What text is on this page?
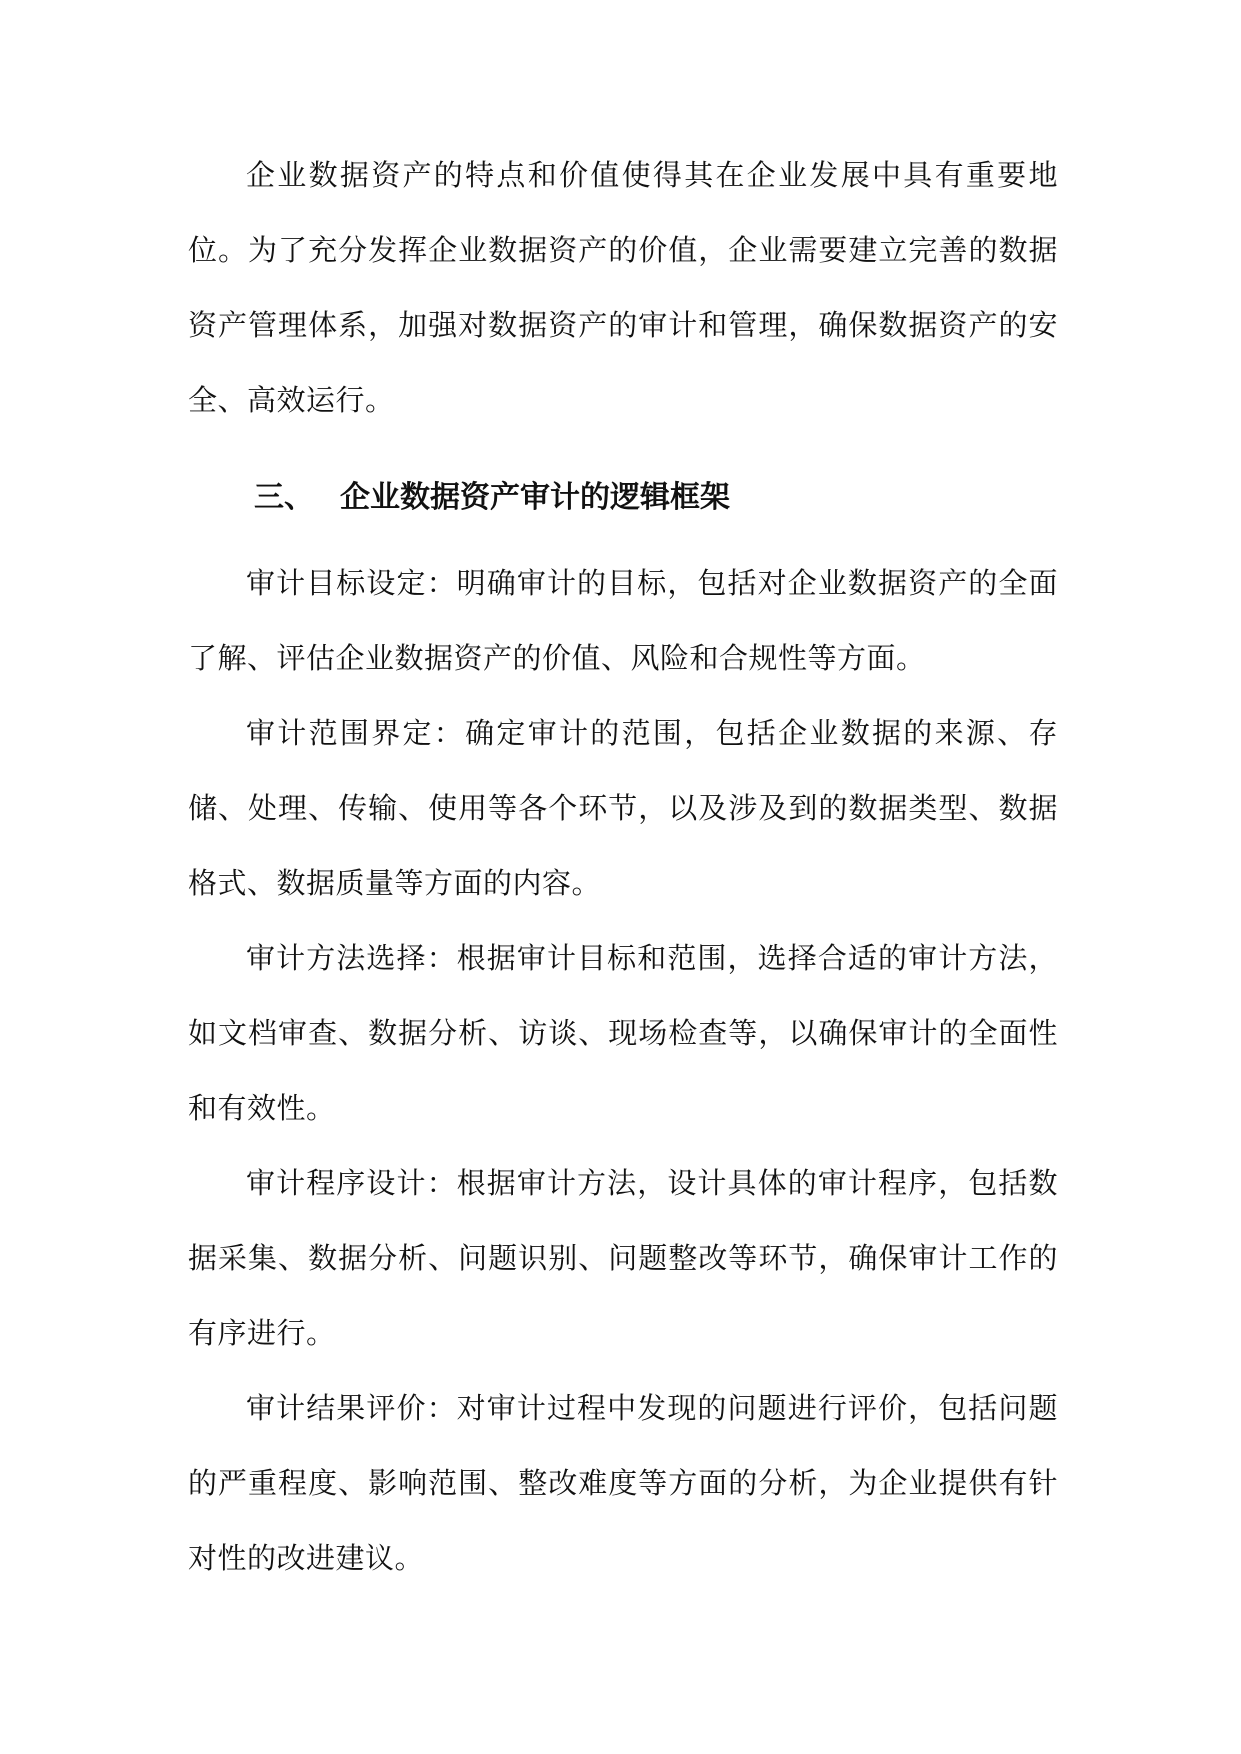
企业数据资产的特点和价值使得其在企业发展中具有重要地位。为了充分发挥企业数据资产的价值，企业需要建立完善的数据资产管理体系，加强对数据资产的审计和管理，确保数据资产的安全、高效运行。

三、 企业数据资产审计的逻辑框架

审计目标设定：明确审计的目标，包括对企业数据资产的全面了解、评估企业数据资产的价值、风险和合规性等方面。

审计范围界定：确定审计的范围，包括企业数据的来源、存储、处理、传输、使用等各个环节，以及涉及到的数据类型、数据格式、数据质量等方面的内容。

审计方法选择：根据审计目标和范围，选择合适的审计方法，如文档审查、数据分析、访谈、现场检查等，以确保审计的全面性和有效性。

审计程序设计：根据审计方法，设计具体的审计程序，包括数据采集、数据分析、问题识别、问题整改等环节，确保审计工作的有序进行。

审计结果评价：对审计过程中发现的问题进行评价，包括问题的严重程度、影响范围、整改难度等方面的分析，为企业提供有针对性的改进建议。
